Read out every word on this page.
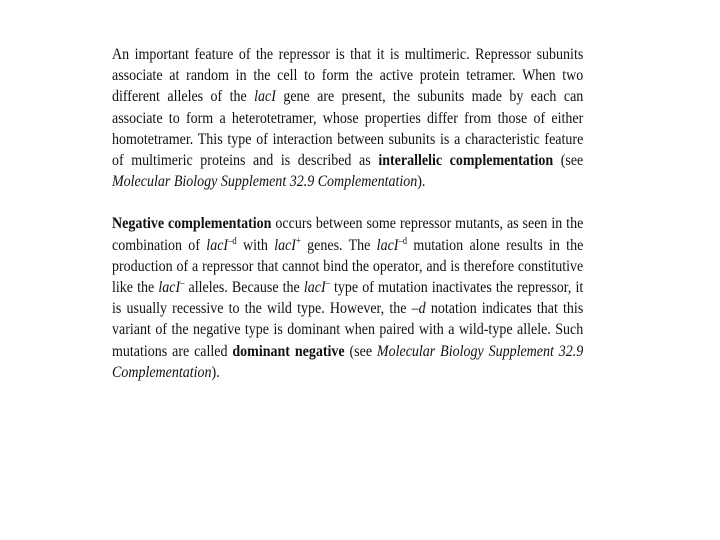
An important feature of the repressor is that it is multimeric. Repressor subunits associate at random in the cell to form the active protein tetramer. When two different alleles of the lacI gene are present, the subunits made by each can associate to form a heterotetramer, whose properties differ from those of either homotetramer. This type of interaction between subunits is a characteristic feature of multimeric proteins and is described as interallelic complementation (see Molecular Biology Supplement 32.9 Complementation).

Negative complementation occurs between some repressor mutants, as seen in the combination of lacI$^{-d}$ with lacI+ genes. The lacI$^{-d}$ mutation alone results in the production of a repressor that cannot bind the operator, and is therefore constitutive like the lacI– alleles. Because the lacI– type of mutation inactivates the repressor, it is usually recessive to the wild type. However, the –d notation indicates that this variant of the negative type is dominant when paired with a wild-type allele. Such mutations are called dominant negative (see Molecular Biology Supplement 32.9 Complementation).
